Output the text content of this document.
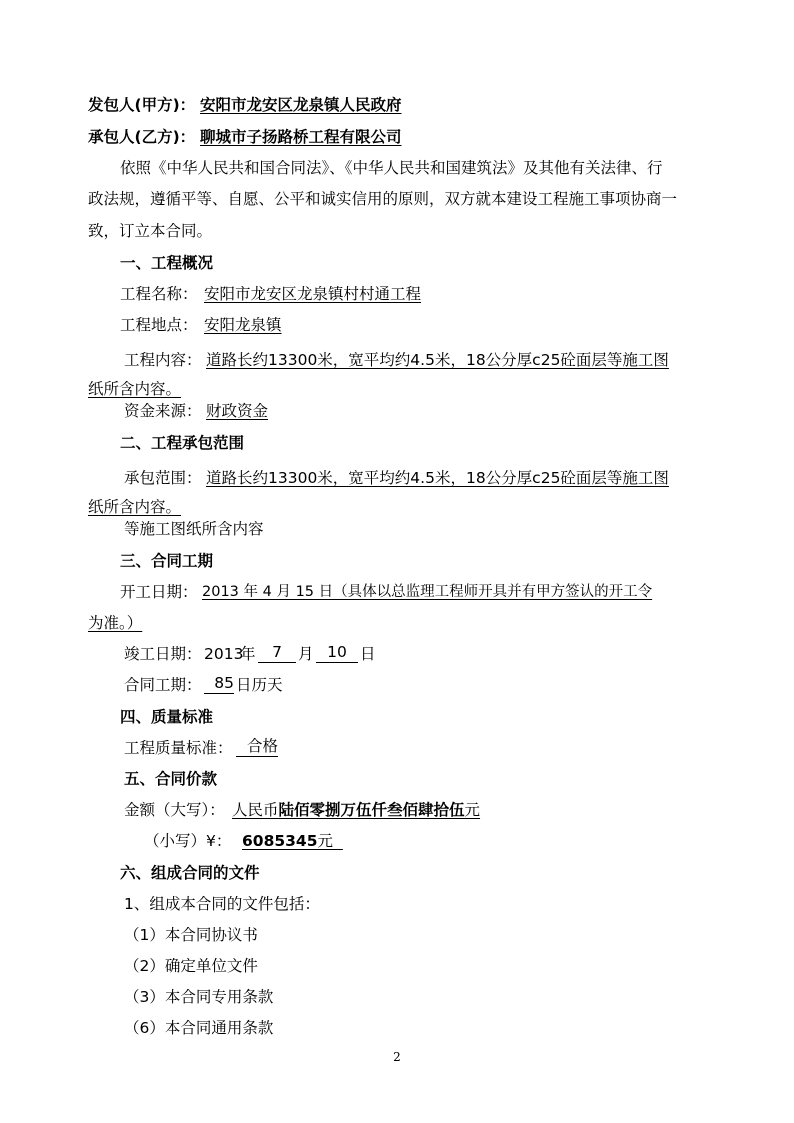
发包人(甲方)： 安阳市龙安区龙泉镇人民政府
承包人(乙方)： 聊城市子扬路桥工程有限公司
依照《中华人民共和国合同法》、《中华人民共和国建筑法》及其他有关法律、行
政法规，遵循平等、自愿、公平和诚实信用的原则，双方就本建设工程施工事项协商一
致，订立本合同。
一、工程概况
工程名称： 安阳市龙安区龙泉镇村村通工程
工程地点： 安阳龙泉镇
工程内容： 道路长约13300米，宽平均约4.5米，18公分厚c25砼面层等施工图
纸所含内容。
资金来源： 财政资金
二、工程承包范围
承包范围： 道路长约13300米，宽平均约4.5米，18公分厚c25砼面层等施工图
纸所含内容。
等施工图纸所含内容
三、合同工期
开工日期： 2013 年 4 月 15 日（具体以总监理工程师开具并有甲方签认的开工令
为准。）
竣工日期： 2013
年	7	月 10 日
合同工期： 85 日历天
四、质量标准
工程质量标准： 合格
五、合同价款
金额（大写）： 人民币陆佰零捌万伍仟叁佰肆拾伍元
（小写）¥： 6085345元
六、组成合同的文件
1、组成本合同的文件包括：
（1）本合同协议书
（2）确定单位文件
（3）本合同专用条款
（6）本合同通用条款
2
